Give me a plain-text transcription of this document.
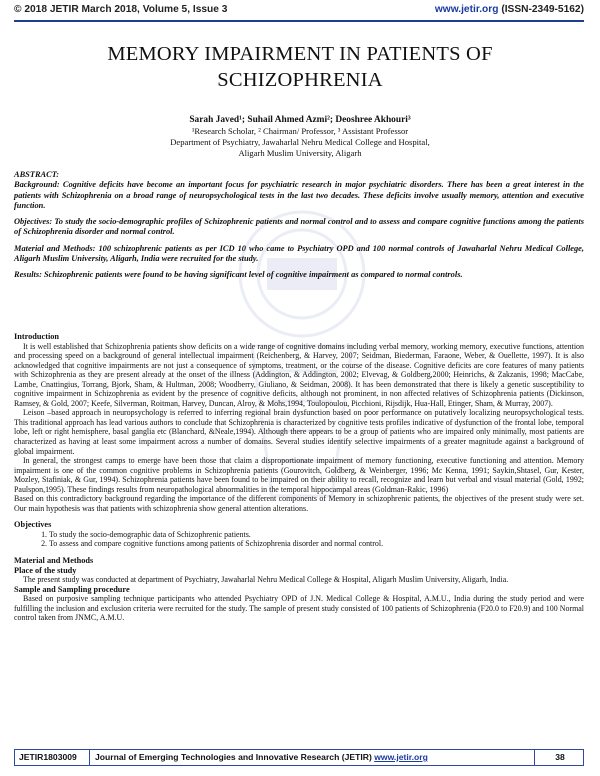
© 2018 JETIR March 2018, Volume 5, Issue 3	www.jetir.org (ISSN-2349-5162)
MEMORY IMPAIRMENT IN PATIENTS OF SCHIZOPHRENIA
Sarah Javed¹; Suhail Ahmed Azmi²; Deoshree Akhouri³
¹Research Scholar, ² Chairman/ Professor, ³ Assistant Professor
Department of Psychiatry, Jawaharlal Nehru Medical College and Hospital,
Aligarh Muslim University, Aligarh

ABSTRACT:

Background: Cognitive deficits have become an important focus for psychiatric research in major psychiatric disorders. There has been a great interest in the patients with Schizophrenia on a broad range of neuropsychological tests in the last two decades. These deficits involve usually memory, attention and executive function.

Objectives: To study the socio-demographic profiles of Schizophrenic patients and normal control and to assess and compare cognitive functions among the patients of Schizophrenia disorder and normal control.

Material and Methods: 100 schizophrenic patients as per ICD 10 who came to Psychiatry OPD and 100 normal controls of Jawaharlal Nehru Medical College, Aligarh Muslim University, Aligarh, India were recruited for the study.

Results: Schizophrenic patients were found to be having significant level of cognitive impairment as compared to normal controls.

Introduction

It is well established that Schizophrenia patients show deficits on a wide range of cognitive domains including verbal memory, working memory, executive functions, attention and processing speed on a background of general intellectual impairment (Reichenberg, & Harvey, 2007; Seidman, Biederman, Faraone, Weber, & Ouellette, 1997). It is also acknowledged that cognitive impairments are not just a consequence of symptoms, treatment, or the course of the disease. Cognitive deficits are core features of many patients with Schizophrenia as they are present already at the onset of the illness (Addington, & Addington, 2002; Elvevag, & Goldberg,2000; Heinrichs, & Zakzanis, 1998; MacCabe, Lambe, Cnattingius, Torrang, Bjork, Sham, & Hultman, 2008; Woodberry, Giuliano, & Seidman, 2008). It has been demonstrated that there is likely a genetic susceptibility to cognitive impairment in Schizophrenia as evident by the presence of cognitive deficits, although not prominent, in non affected relatives of Schizophrenia patients (Dickinson, Ramsey, & Gold, 2007; Keefe, Silverman, Roitman, Harvey, Duncan, Alroy, & Mohs,1994, Toulopoulou, Picchioni, Rijsdijk, Hua-Hall, Etinger, Sham, & Murray, 2007).

Leison –based approach in neuropsychology is referred to inferring regional brain dysfunction based on poor performance on putatively localizing neuropsychological tests. This traditional approach has lead various authors to conclude that Schizophrenia is characterized by cognitive tests profiles indicative of dysfunction of the frontal lobe, temporal lobe, left or right hemisphere, basal ganglia etc (Blanchard, &Neale,1994). Although there appears to be a group of patients who are impaired only minimally, most patients are characterized as having at least some impairment across a number of domains. Several studies identify selective impairments of a greater magnitude against a background of global impairment.

In general, the strongest camps to emerge have been those that claim a disproportionate impairment of memory functioning, executive functioning and attention. Memory impairment is one of the common cognitive problems in Schizophrenia patients (Gourovitch, Goldberg, & Weinberger, 1996; Mc Kenna, 1991; Saykin,Shtasel, Gur, Kester, Mozley, Stafiniak, & Gur, 1994). Schizophrenia patients have been found to be impaired on their ability to recall, recognize and learn but verbal and visual material (Gold, 1992; Paulspon,1995). These findings results from neuropathological abnormalities in the temporal hippocampal areas (Goldman-Rakic, 1996)

Based on this contradictory background regarding the importance of the different components of Memory in schizophrenic patients, the objectives of the present study were set. Our main hypothesis was that patients with schizophrenia show general attention alterations.

Objectives
1. To study the socio-demographic data of Schizophrenic patients.
2. To assess and compare cognitive functions among patients of Schizophrenia disorder and normal control.
Material and Methods
Place of the study

The present study was conducted at department of Psychiatry, Jawaharlal Nehru Medical College & Hospital, Aligarh Muslim University, Aligarh, India.

Sample and Sampling procedure

Based on purposive sampling technique participants who attended Psychiatry OPD of J.N. Medical College & Hospital, A.M.U., India during the study period and were fulfilling the inclusion and exclusion criteria were recruited for the study. The sample of present study consisted of 100 patients of Schizophrenia (F20.0 to F20.9) and 100 Normal control taken from JNMC, A.M.U.

JETIR1803009	Journal of Emerging Technologies and Innovative Research (JETIR) www.jetir.org	38
